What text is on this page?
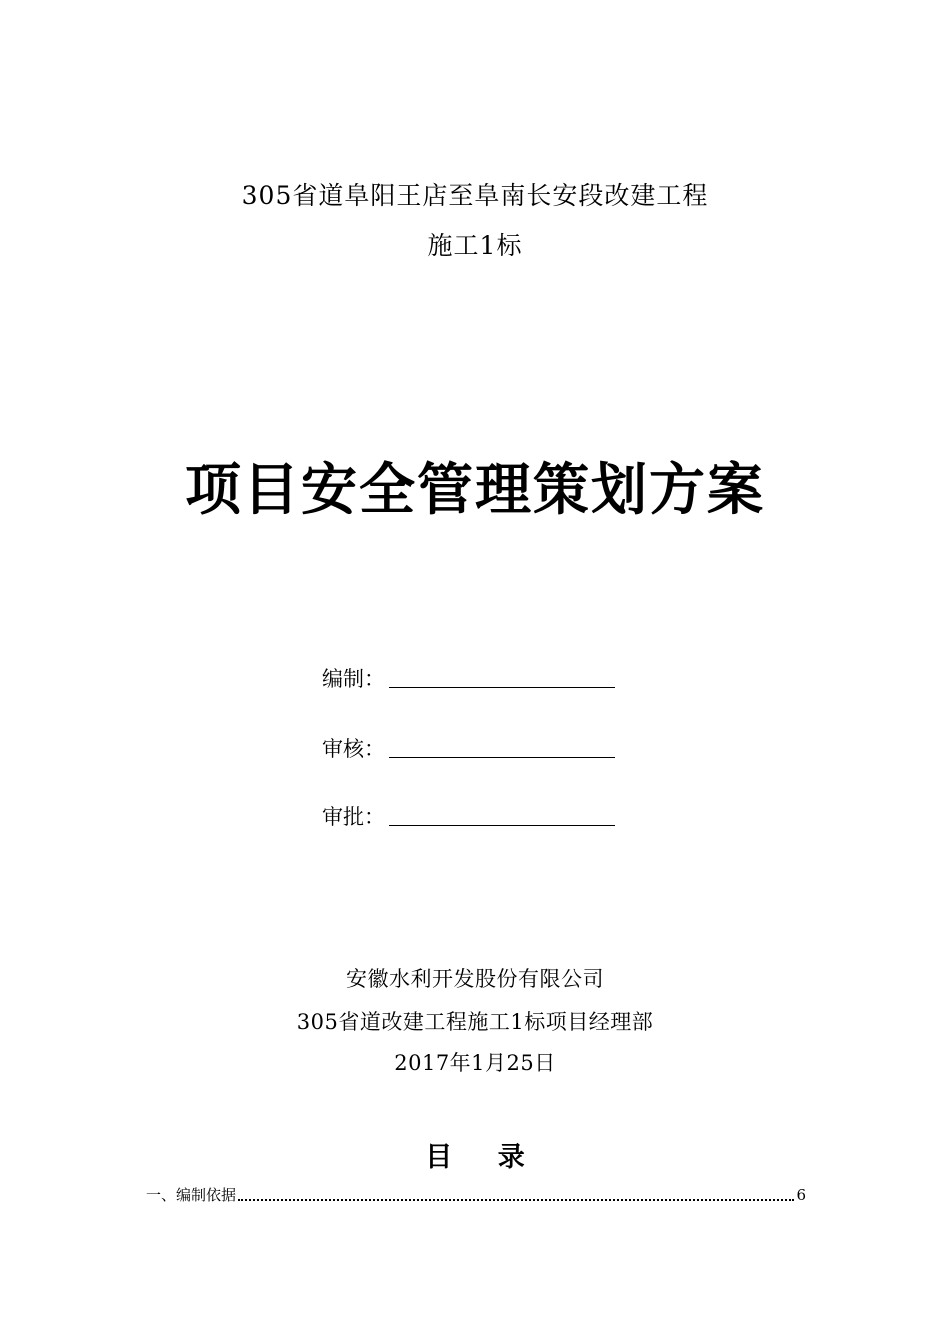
305省道阜阳王店至阜南长安段改建工程
施工1标
项目安全管理策划方案
编制：
审核：
审批：
安徽水利开发股份有限公司
305省道改建工程施工1标项目经理部
2017年1月25日
目 录
一、编制依据	6
